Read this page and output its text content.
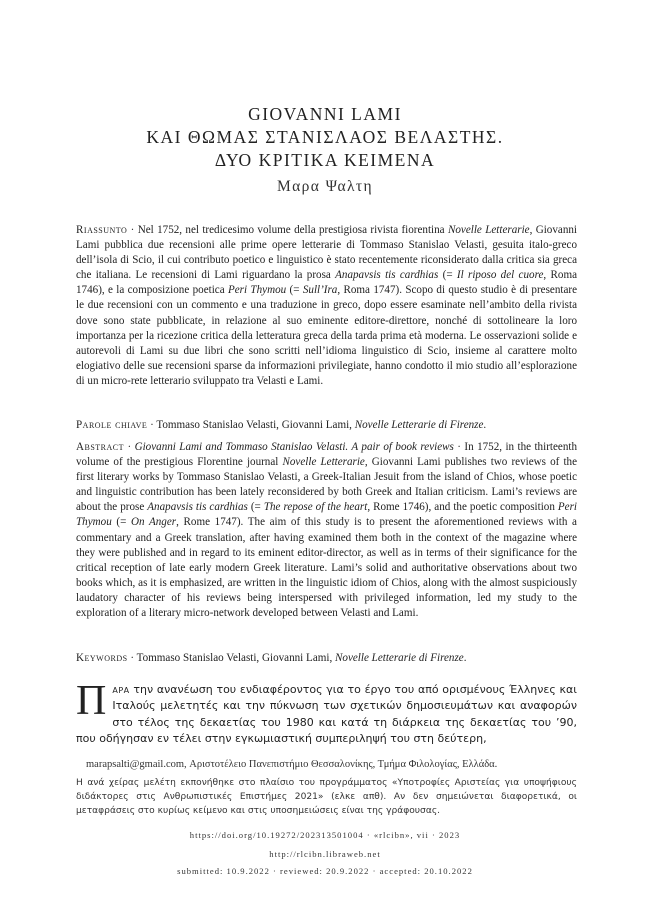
GIOVANNI LAMI
ΚΑΙ ΘΩΜΑΣ ΣΤΑΝΙΣΛΑΟΣ ΒΕΛΑΣΤΗΣ.
ΔΥΟ ΚΡΙΤΙΚΑ ΚΕΙΜΕΝΑ
Μαρα Ψαλτη
Riassunto · Nel 1752, nel tredicesimo volume della prestigiosa rivista fiorentina Novelle Letterarie, Giovanni Lami pubblica due recensioni alle prime opere letterarie di Tommaso Stanislao Velasti, gesuita italo-greco dell’isola di Scio, il cui contributo poetico e linguistico è stato recentemente riconsiderato dalla critica sia greca che italiana. Le recensioni di Lami riguardano la prosa Anapavsis tis cardhias (= Il riposo del cuore, Roma 1746), e la composizione poetica Peri Thymou (= Sull’Ira, Roma 1747). Scopo di questo studio è di presentare le due recensioni con un commento e una traduzione in greco, dopo essere esaminate nell’ambito della rivista dove sono state pubblicate, in relazione al suo eminente editore-direttore, nonché di sottolineare la loro importanza per la ricezione critica della letteratura greca della tarda prima età moderna. Le osservazioni solide e autorevoli di Lami su due libri che sono scritti nell’idioma linguistico di Scio, insieme al carattere molto elogiativo delle sue recensioni sparse da informazioni privilegiate, hanno condotto il mio studio all’esplorazione di un micro-rete letterario sviluppato tra Velasti e Lami.
Parole chiave · Tommaso Stanislao Velasti, Giovanni Lami, Novelle Letterarie di Firenze.
Abstract · Giovanni Lami and Tommaso Stanislao Velasti. A pair of book reviews · In 1752, in the thirteenth volume of the prestigious Florentine journal Novelle Letterarie, Giovanni Lami publishes two reviews of the first literary works by Tommaso Stanislao Velasti, a Greek-Italian Jesuit from the island of Chios, whose poetic and linguistic contribution has been lately reconsidered by both Greek and Italian criticism. Lami’s reviews are about the prose Anapavsis tis cardhias (= The repose of the heart, Rome 1746), and the poetic composition Peri Thymou (= On Anger, Rome 1747). The aim of this study is to present the aforementioned reviews with a commentary and a Greek translation, after having examined them both in the context of the magazine where they were published and in regard to its eminent editor-director, as well as in terms of their significance for the critical reception of late early modern Greek literature. Lami’s solid and authoritative observations about two books which, as it is emphasized, are written in the linguistic idiom of Chios, along with the almost suspiciously laudatory character of his reviews being interspersed with privileged information, led my study to the exploration of a literary micro-network developed between Velasti and Lami.
Keywords · Tommaso Stanislao Velasti, Giovanni Lami, Novelle Letterarie di Firenze.
Παρα την ανανέωση του ενδιαφέροντος για το έργο του από ορισμένους Έλληνες και Ιταλούς μελετητές και την πύκνωση των σχετικών δημοσιευμάτων και αναφορών στο τέλος της δεκαετίας του 1980 και κατά τη διάρκεια της δεκαετίας του ’90, που οδήγησαν εν τέλει στην εγκωμιαστική συμπεριληψή του στη δεύτερη,
marapsalti@gmail.com, Αριστοτέλειο Πανεπιστήμιο Θεσσαλονίκης, Τμήμα Φιλολογίας, Ελλάδα.
Η ανά χείρας μελέτη εκπονήθηκε στο πλαίσιο του προγράμματος «Υποτροφίες Αριστείας για υποψήφιους διδάκτορες στις Ανθρωπιστικές Επιστήμες 2021» (ελκε απθ). Αν δεν σημειώνεται διαφορετικά, οι μεταφράσεις στο κυρίως κείμενο και στις υποσημειώσεις είναι της γράφουσας.
https://doi.org/10.19272/202313501004 · «rlcibn», vii · 2023
http://rlcibn.libraweb.net
submitted: 10.9.2022 · reviewed: 20.9.2022 · accepted: 20.10.2022
